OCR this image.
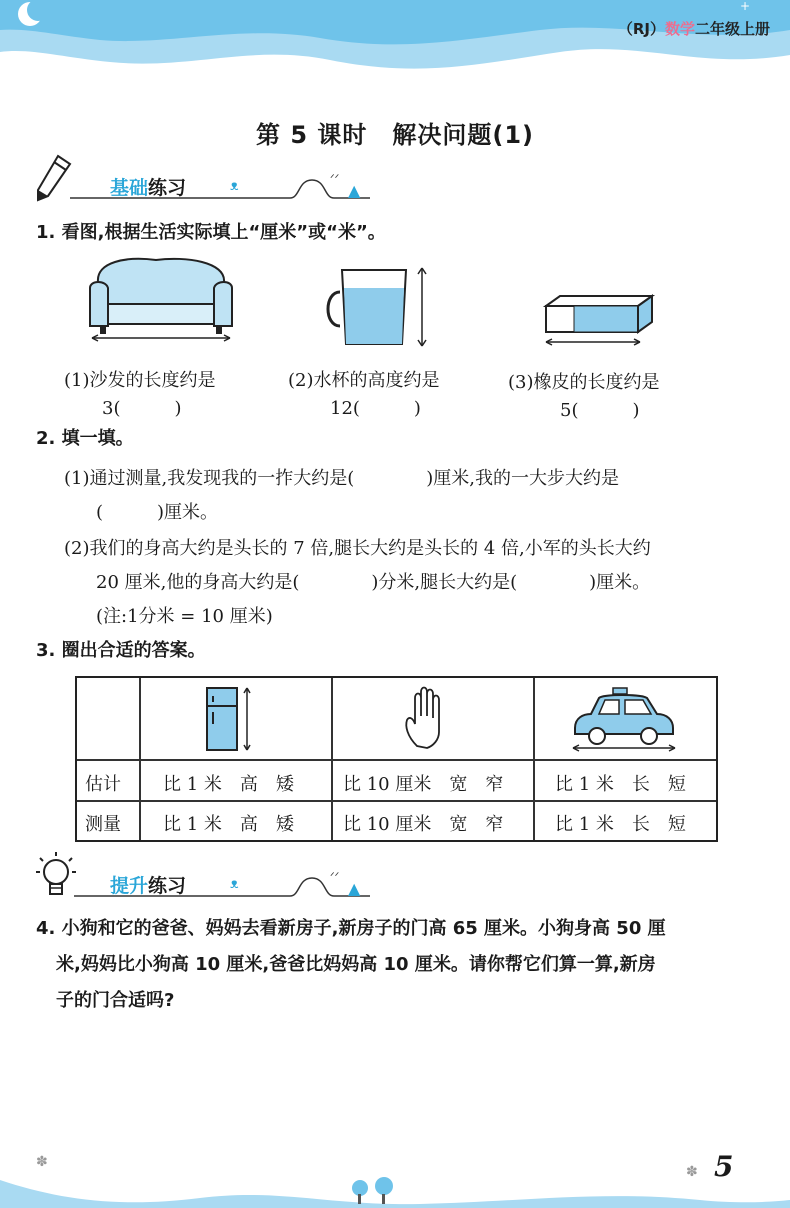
+
（RJ）数学二年级上册
第 5 课时　解决问题(1)
ᐟᐟ
ᴥ	▲
基础练习
1. 看图,根据生活实际填上“厘米”或“米”。
(1)沙发的长度约是
3(　　　)
(2)水杯的高度约是
12(　　　)
(3)橡皮的长度约是
5(　　　)
2. 填一填。
(1)通过测量,我发现我的一拃大约是(　　　　)厘米,我的一大步大约是
(　　　)厘米。
(2)我们的身高大约是头长的 7 倍,腿长大约是头长的 4 倍,小军的头长大约
20 厘米,他的身高大约是(　　　　)分米,腿长大约是(　　　　)厘米。
(注:1分米 = 10 厘米)
3. 圈出合适的答案。
估计 比 1 米　高　矮	比 10 厘米　宽　窄	比 1 米　长　短
测量 比 1 米　高　矮	比 10 厘米　宽　窄	比 1 米　长　短
ᐟᐟ
ᴥ	▲
提升练习
4. 小狗和它的爸爸、妈妈去看新房子,新房子的门高 65 厘米。小狗身高 50 厘
米,妈妈比小狗高 10 厘米,爸爸比妈妈高 10 厘米。请你帮它们算一算,新房
子的门合适吗?
✽
✽ 5
